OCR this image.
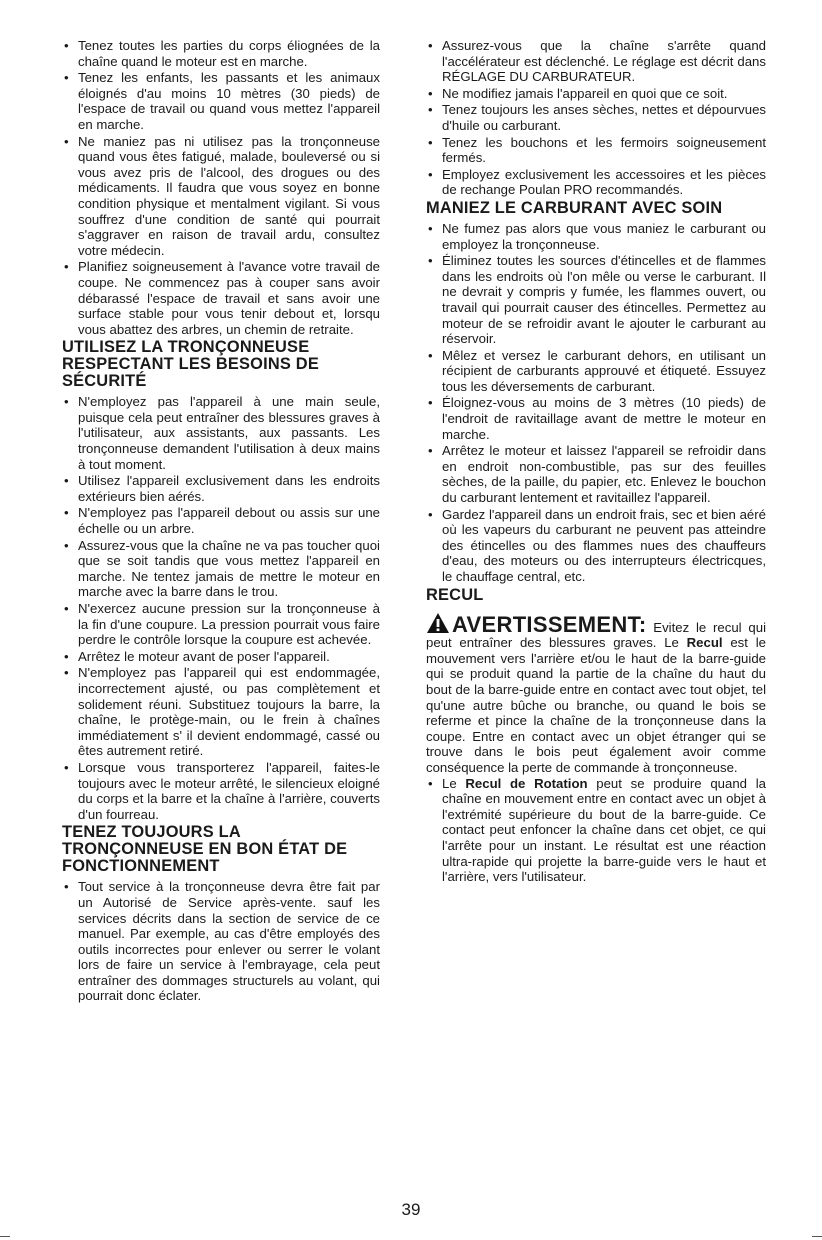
• Tenez toutes les parties du corps éliognées de la chaîne quand le moteur est en marche.
• Tenez les enfants, les passants et les animaux éloignés d'au moins 10 mètres (30 pieds) de l'espace de travail ou quand vous mettez l'appareil en marche.
• Ne maniez pas ni utilisez pas la tronçonneuse quand vous êtes fatigué, malade, bouleversé ou si vous avez pris de l'alcool, des drogues ou des médicaments. Il faudra que vous soyez en bonne condition physique et mentalment vigilant. Si vous souffrez d'une condition de santé qui pourrait s'aggraver en raison de travail ardu, consultez votre médecin.
• Planifiez soigneusement à l'avance votre travail de coupe. Ne commencez pas à couper sans avoir débarassé l'espace de travail et sans avoir une surface stable pour vous tenir debout et, lorsqu vous abattez des arbres, un chemin de retraite.
UTILISEZ LA TRONÇONNEUSE RESPECTANT LES BESOINS DE SÉCURITÉ
• N'employez pas l'appareil à une main seule, puisque cela peut entraîner des blessures graves à l'utilisateur, aux assistants, aux passants. Les tronçonneuse demandent l'utilisation à deux mains à tout moment.
• Utilisez l'appareil exclusivement dans les endroits extérieurs bien aérés.
• N'employez pas l'appareil debout ou assis sur une échelle ou un arbre.
• Assurez-vous que la chaîne ne va pas toucher quoi que se soit tandis que vous mettez l'appareil en marche. Ne tentez jamais de mettre le moteur en marche avec la barre dans le trou.
• N'exercez aucune pression sur la tronçonneuse à la fin d'une coupure. La pression pourrait vous faire perdre le contrôle lorsque la coupure est achevée.
• Arrêtez le moteur avant de poser l'appareil.
• N'employez pas l'appareil qui est endommagée, incorrectement ajusté, ou pas complètement et solidement réuni. Substituez toujours la barre, la chaîne, le protège-main, ou le frein à chaînes immédiatement s' il devient endommagé, cassé ou êtes autrement retiré.
• Lorsque vous transporterez l'appareil, faites-le toujours avec le moteur arrêté, le silencieux eloigné du corps et la barre et la chaîne à l'arrière, couverts d'un fourreau.
TENEZ TOUJOURS LA TRONÇONNEUSE EN BON ÉTAT DE FONCTIONNEMENT
• Tout service à la tronçonneuse devra être fait par un Autorisé de Service après-vente. sauf les services décrits dans la section de service de ce manuel. Par exemple, au cas d'être employés des outils incorrectes pour enlever ou serrer le volant lors de faire un service à l'embrayage, cela peut entraîner des dommages structurels au volant, qui pourrait donc éclater.
• Assurez-vous que la chaîne s'arrête quand l'accélérateur est déclenché. Le réglage est décrit dans RÉGLAGE DU CARBURATEUR.
• Ne modifiez jamais l'appareil en quoi que ce soit.
• Tenez toujours les anses sèches, nettes et dépourvues d'huile ou carburant.
• Tenez les bouchons et les fermoirs soigneusement fermés.
• Employez exclusivement les accessoires et les pièces de rechange Poulan PRO recommandés.
MANIEZ LE CARBURANT AVEC SOIN
• Ne fumez pas alors que vous maniez le carburant ou employez la tronçonneuse.
• Éliminez toutes les sources d'étincelles et de flammes dans les endroits où l'on mêle ou verse le carburant. Il ne devrait y compris y fumée, les flammes ouvert, ou travail qui pourrait causer des étincelles. Permettez au moteur de se refroidir avant le ajouter le carburant au réservoir.
• Mêlez et versez le carburant dehors, en utilisant un récipient de carburants approuvé et étiqueté. Essuyez tous les déversements de carburant.
• Éloignez-vous au moins de 3 mètres (10 pieds) de l'endroit de ravitaillage avant de mettre le moteur en marche.
• Arrêtez le moteur et laissez l'appareil se refroidir dans en endroit non-combustible, pas sur des feuilles sèches, de la paille, du papier, etc. Enlevez le bouchon du carburant lentement et ravitaillez l'appareil.
• Gardez l'appareil dans un endroit frais, sec et bien aéré où les vapeurs du carburant ne peuvent pas atteindre des étincelles ou des flammes nues des chauffeurs d'eau, des moteurs ou des interrupteurs électricques, le chauffage central, etc.
RECUL
AVERTISSEMENT: Evitez le recul qui peut entraîner des blessures graves. Le Recul est le mouvement vers l'arrière et/ou le haut de la barre-guide qui se produit quand la partie de la chaîne du haut du bout de la barre-guide entre en contact avec tout objet, tel qu'une autre bûche ou branche, ou quand le bois se referme et pince la chaîne de la tronçonneuse dans la coupe. Entre en contact avec un objet étranger qui se trouve dans le bois peut également avoir comme conséquence la perte de commande à tronçonneuse.
• Le Recul de Rotation peut se produire quand la chaîne en mouvement entre en contact avec un objet à l'extrémité supérieure du bout de la barre-guide. Ce contact peut enfoncer la chaîne dans cet objet, ce qui l'arrête pour un instant. Le résultat est une réaction ultra-rapide qui projette la barre-guide vers le haut et l'arrière, vers l'utilisateur.
39
